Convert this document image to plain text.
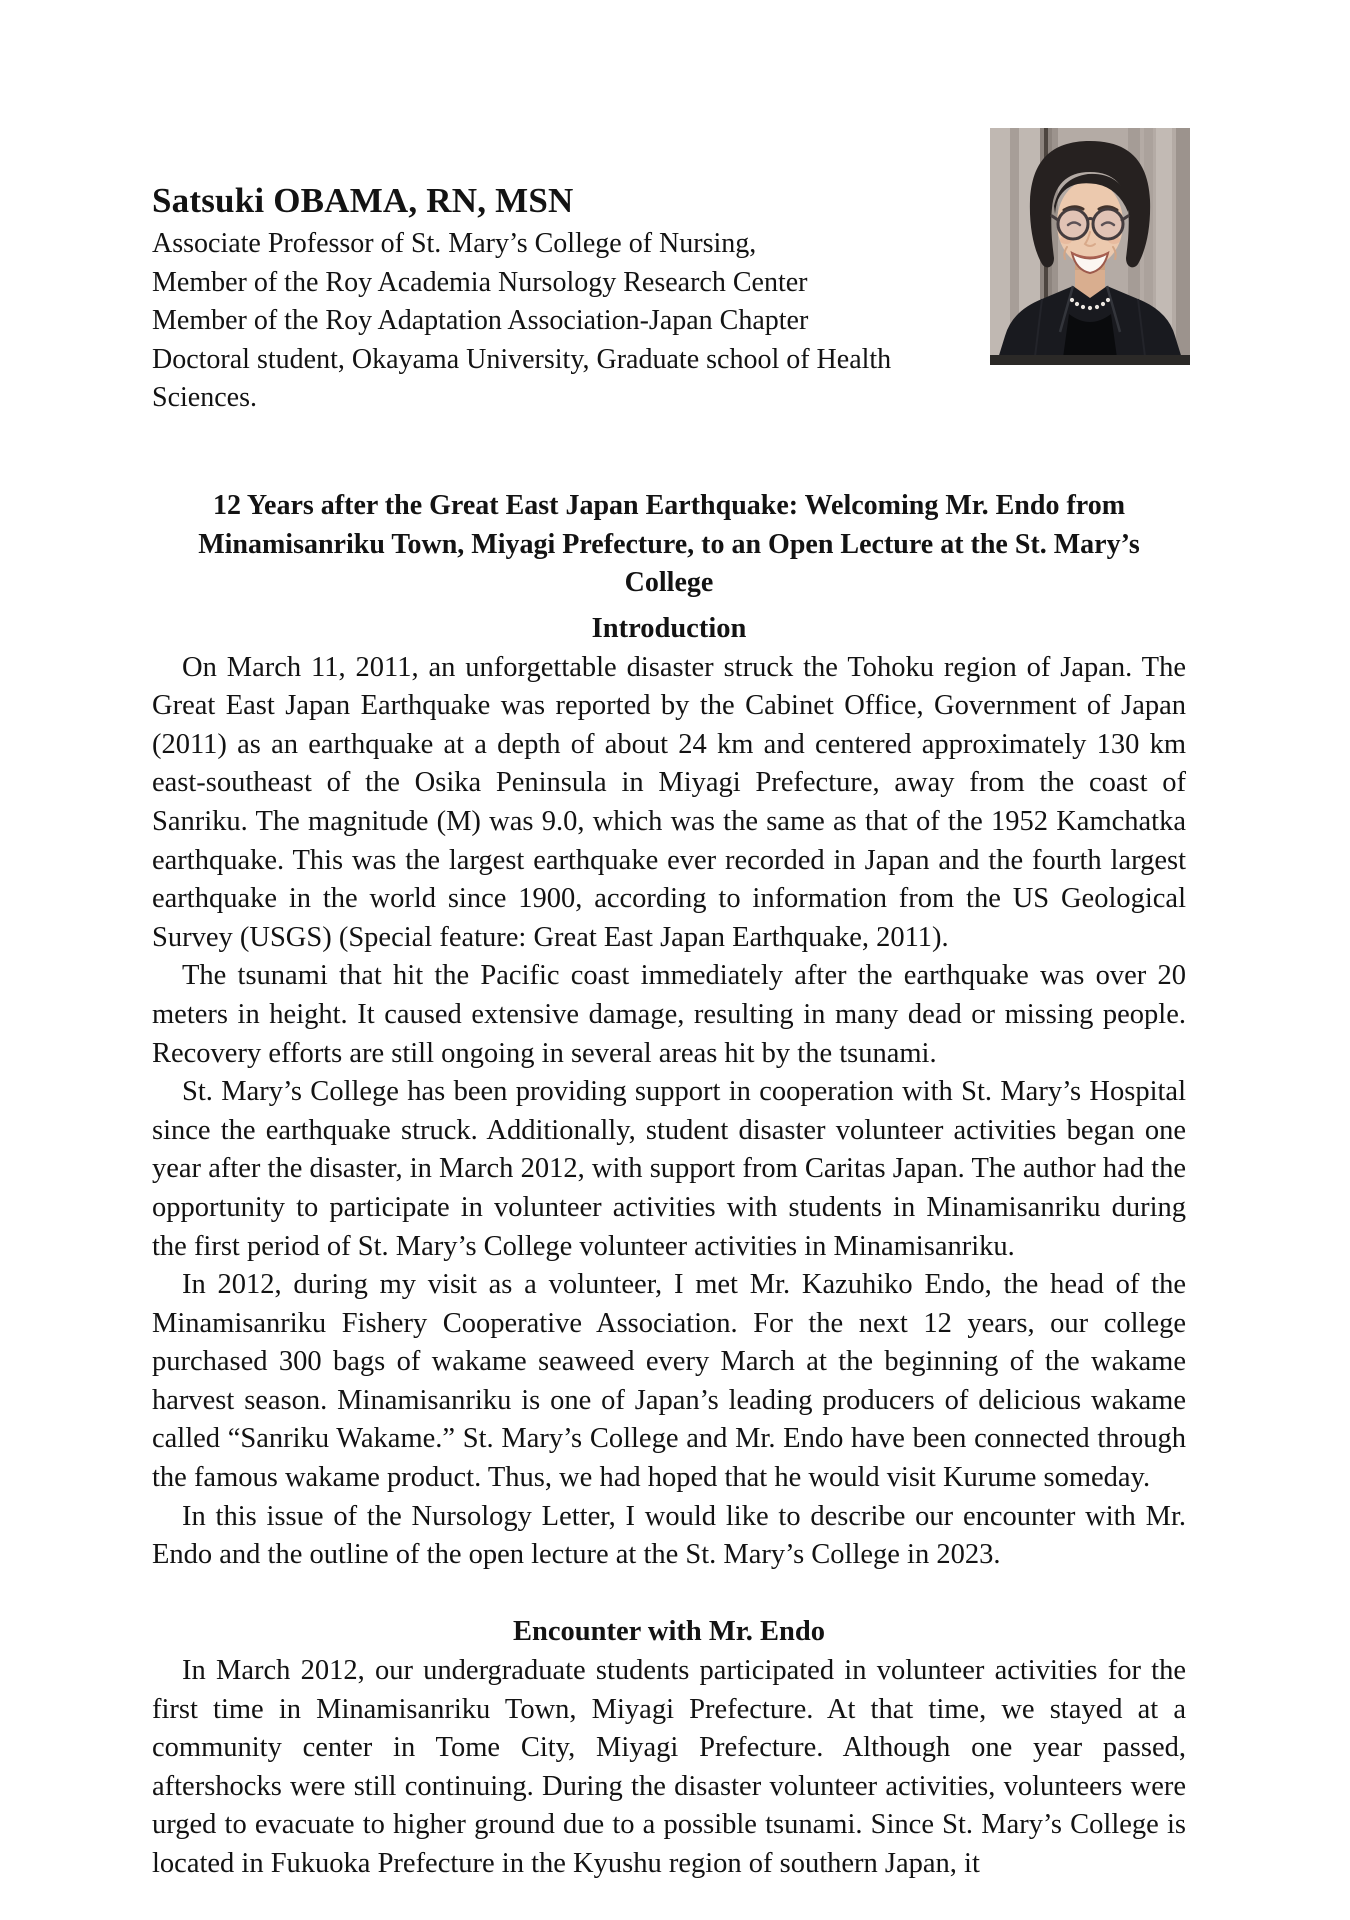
Satsuki OBAMA, RN, MSN
Associate Professor of St. Mary’s College of Nursing,
Member of the Roy Academia Nursology Research Center
Member of the Roy Adaptation Association-Japan Chapter
Doctoral student, Okayama University, Graduate school of Health Sciences.
12 Years after the Great East Japan Earthquake: Welcoming Mr. Endo from
Minamisanriku Town, Miyagi Prefecture, to an Open Lecture at the St. Mary’s College
Introduction

On March 11, 2011, an unforgettable disaster struck the Tohoku region of Japan. The Great East Japan Earthquake was reported by the Cabinet Office, Government of Japan (2011) as an earthquake at a depth of about 24 km and centered approximately 130 km east-southeast of the Osika Peninsula in Miyagi Prefecture, away from the coast of Sanriku. The magnitude (M) was 9.0, which was the same as that of the 1952 Kamchatka earthquake. This was the largest earthquake ever recorded in Japan and the fourth largest earthquake in the world since 1900, according to information from the US Geological Survey (USGS) (Special feature: Great East Japan Earthquake, 2011).

The tsunami that hit the Pacific coast immediately after the earthquake was over 20 meters in height. It caused extensive damage, resulting in many dead or missing people. Recovery efforts are still ongoing in several areas hit by the tsunami.

St. Mary’s College has been providing support in cooperation with St. Mary’s Hospital since the earthquake struck. Additionally, student disaster volunteer activities began one year after the disaster, in March 2012, with support from Caritas Japan. The author had the opportunity to participate in volunteer activities with students in Minamisanriku during the first period of St. Mary’s College volunteer activities in Minamisanriku.

In 2012, during my visit as a volunteer, I met Mr. Kazuhiko Endo, the head of the Minamisanriku Fishery Cooperative Association. For the next 12 years, our college purchased 300 bags of wakame seaweed every March at the beginning of the wakame harvest season. Minamisanriku is one of Japan’s leading producers of delicious wakame called “Sanriku Wakame.” St. Mary’s College and Mr. Endo have been connected through the famous wakame product. Thus, we had hoped that he would visit Kurume someday.

In this issue of the Nursology Letter, I would like to describe our encounter with Mr. Endo and the outline of the open lecture at the St. Mary’s College in 2023.

Encounter with Mr. Endo

In March 2012, our undergraduate students participated in volunteer activities for the first time in Minamisanriku Town, Miyagi Prefecture. At that time, we stayed at a community center in Tome City, Miyagi Prefecture. Although one year passed, aftershocks were still continuing. During the disaster volunteer activities, volunteers were urged to evacuate to higher ground due to a possible tsunami. Since St. Mary’s College is located in Fukuoka Prefecture in the Kyushu region of southern Japan, it
